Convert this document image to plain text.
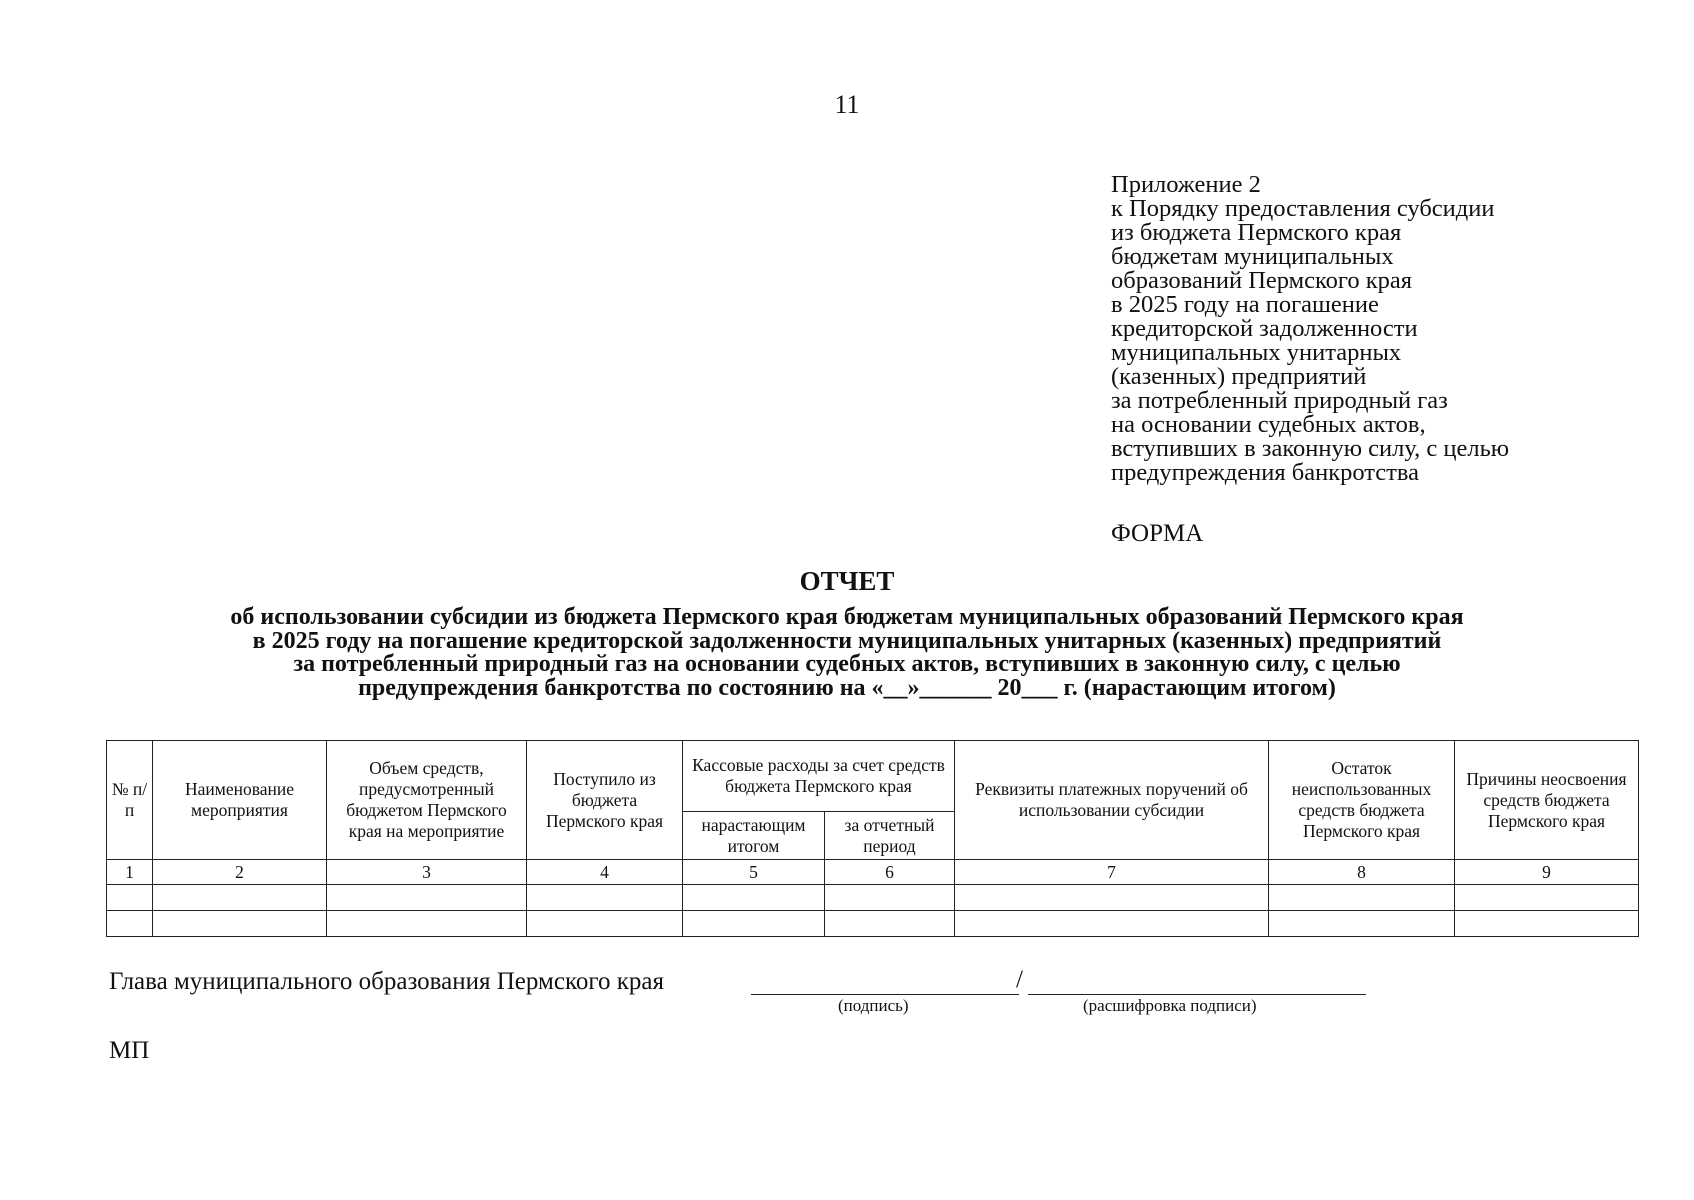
11
Приложение 2
к Порядку предоставления субсидии
из бюджета Пермского края
бюджетам муниципальных
образований Пермского края
в 2025 году на погашение
кредиторской задолженности
муниципальных унитарных
(казенных) предприятий
за потребленный природный газ
на основании судебных актов,
вступивших в законную силу, с целью
предупреждения банкротства
ФОРМА
ОТЧЕТ
об использовании субсидии из бюджета Пермского края бюджетам муниципальных образований Пермского края
в 2025 году на погашение кредиторской задолженности муниципальных унитарных (казенных) предприятий
за потребленный природный газ на основании судебных актов, вступивших в законную силу, с целью
предупреждения банкротства по состоянию на «__»______ 20___ г. (нарастающим итогом)
№ п/п	Наименование мероприятия	Объем средств, предусмотренный бюджетом Пермского края на мероприятие	Поступило из бюджета Пермского края	Кассовые расходы за счет средств бюджета Пермского края		Реквизиты платежных поручений об использовании субсидии	Остаток неиспользованных средств бюджета Пермского края	Причины неосвоения средств бюджета Пермского края
				нарастающим итогом	за отчетный период			
1	2	3	4	5	6	7	8	9

Глава муниципального образования Пермского края	/
(подпись)	(расшифровка подписи)
МП
